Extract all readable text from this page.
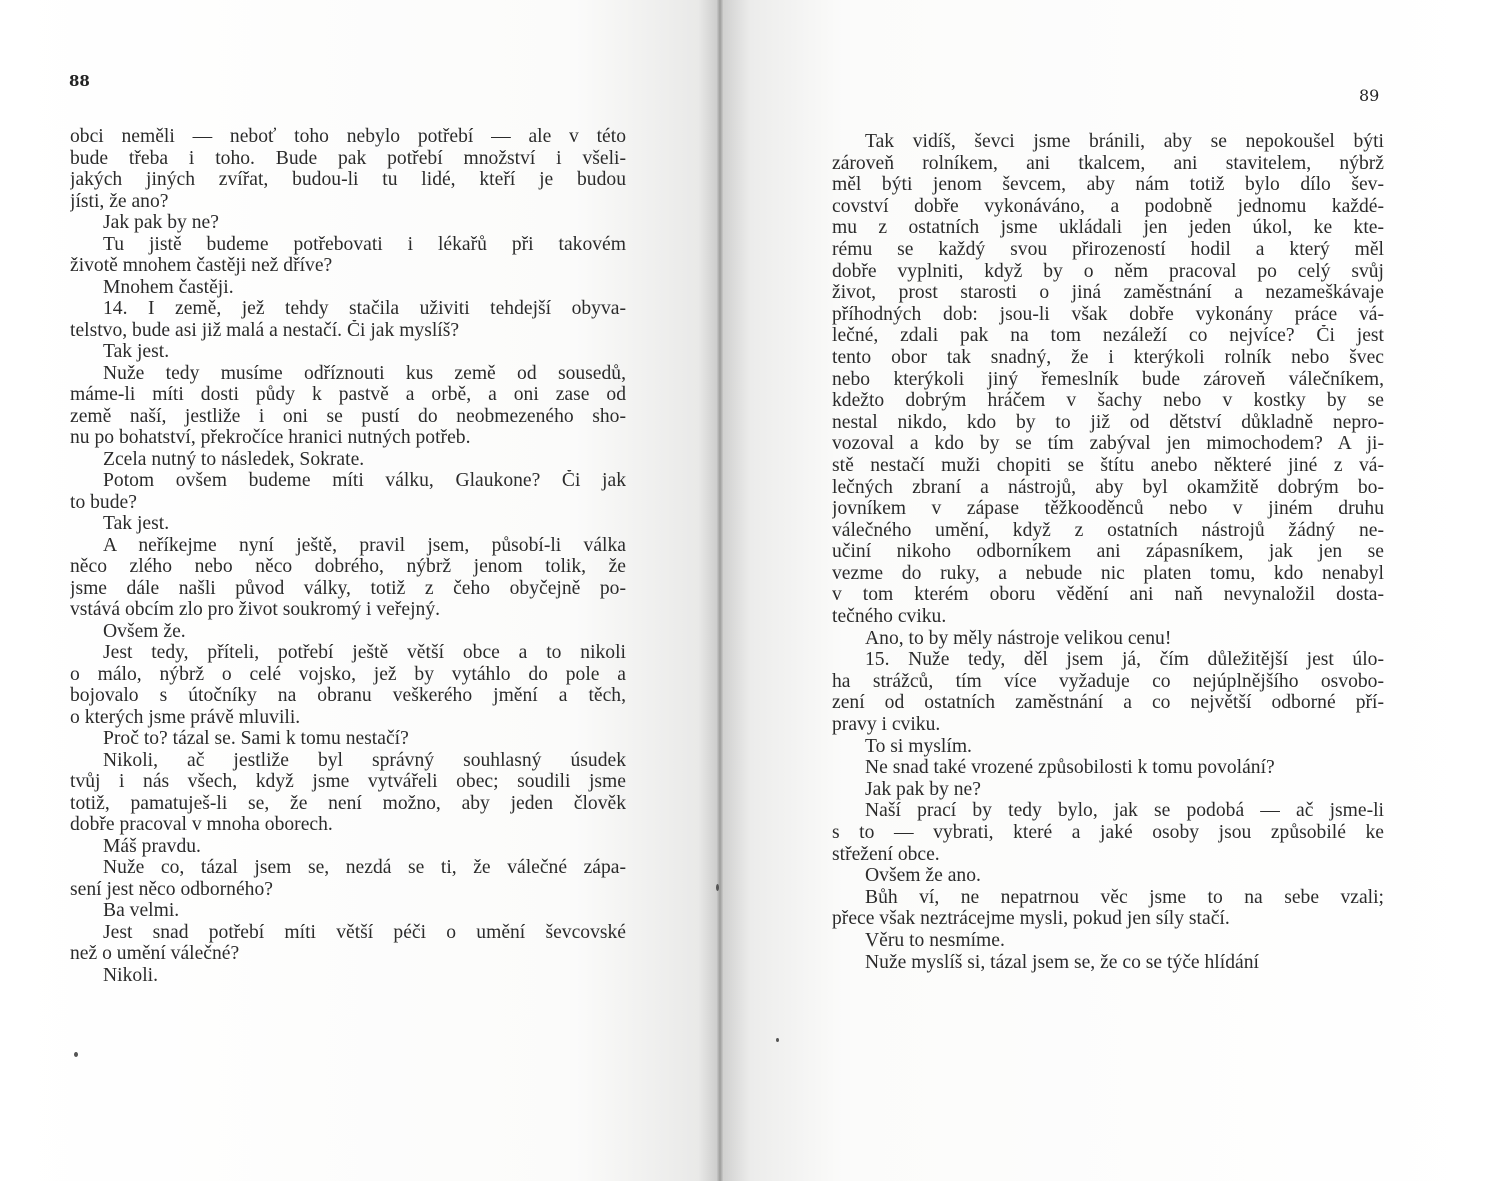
88
89
obci neměli — neboť toho nebylo potřebí — ale v této
bude třeba i toho. Bude pak potřebí množství i všeli-
jakých jiných zvířat, budou-li tu lidé, kteří je budou
jísti, že ano?
Jak pak by ne?
Tu jistě budeme potřebovati i lékařů při takovém
životě mnohem častěji než dříve?
Mnohem častěji.
14. I země, jež tehdy stačila uživiti tehdejší obyva-
telstvo, bude asi již malá a nestačí. Či jak myslíš?
Tak jest.
Nuže tedy musíme odříznouti kus země od sousedů,
máme-li míti dosti půdy k pastvě a orbě, a oni zase od
země naší, jestliže i oni se pustí do neobmezeného sho-
nu po bohatství, překročíce hranici nutných potřeb.
Zcela nutný to následek, Sokrate.
Potom ovšem budeme míti válku, Glaukone? Či jak
to bude?
Tak jest.
A neříkejme nyní ještě, pravil jsem, působí-li válka
něco zlého nebo něco dobrého, nýbrž jenom tolik, že
jsme dále našli původ války, totiž z čeho obyčejně po-
vstává obcím zlo pro život soukromý i veřejný.
Ovšem že.
Jest tedy, příteli, potřebí ještě větší obce a to nikoli
o málo, nýbrž o celé vojsko, jež by vytáhlo do pole a
bojovalo s útočníky na obranu veškerého jmění a těch,
o kterých jsme právě mluvili.
Proč to? tázal se. Sami k tomu nestačí?
Nikoli, ač jestliže byl správný souhlasný úsudek
tvůj i nás všech, když jsme vytvářeli obec; soudili jsme
totiž, pamatuješ-li se, že není možno, aby jeden člověk
dobře pracoval v mnoha oborech.
Máš pravdu.
Nuže co, tázal jsem se, nezdá se ti, že válečné zápa-
sení jest něco odborného?
Ba velmi.
Jest snad potřebí míti větší péči o umění ševcovské
než o umění válečné?
Nikoli.
Tak vidíš, ševci jsme bránili, aby se nepokoušel býti
zároveň rolníkem, ani tkalcem, ani stavitelem, nýbrž
měl býti jenom ševcem, aby nám totiž bylo dílo šev-
covství dobře vykonáváno, a podobně jednomu každé-
mu z ostatních jsme ukládali jen jeden úkol, ke kte-
rému se každý svou přirozeností hodil a který měl
dobře vyplniti, když by o něm pracoval po celý svůj
život, prost starosti o jiná zaměstnání a nezameškávaje
příhodných dob: jsou-li však dobře vykonány práce vá-
lečné, zdali pak na tom nezáleží co nejvíce? Či jest
tento obor tak snadný, že i kterýkoli rolník nebo švec
nebo kterýkoli jiný řemeslník bude zároveň válečníkem,
kdežto dobrým hráčem v šachy nebo v kostky by se
nestal nikdo, kdo by to již od dětství důkladně nepro-
vozoval a kdo by se tím zabýval jen mimochodem? A ji-
stě nestačí muži chopiti se štítu anebo některé jiné z vá-
lečných zbraní a nástrojů, aby byl okamžitě dobrým bo-
jovníkem v zápase těžkooděnců nebo v jiném druhu
válečného umění, když z ostatních nástrojů žádný ne-
učiní nikoho odborníkem ani zápasníkem, jak jen se
vezme do ruky, a nebude nic platen tomu, kdo nenabyl
v tom kterém oboru vědění ani naň nevynaložil dosta-
tečného cviku.
Ano, to by měly nástroje velikou cenu!
15. Nuže tedy, děl jsem já, čím důležitější jest úlo-
ha strážců, tím více vyžaduje co nejúplnějšího osvobo-
zení od ostatních zaměstnání a co největší odborné pří-
pravy i cviku.
To si myslím.
Ne snad také vrozené způsobilosti k tomu povolání?
Jak pak by ne?
Naší prací by tedy bylo, jak se podobá — ač jsme-li
s to — vybrati, které a jaké osoby jsou způsobilé ke
střežení obce.
Ovšem že ano.
Bůh ví, ne nepatrnou věc jsme to na sebe vzali;
přece však neztrácejme mysli, pokud jen síly stačí.
Věru to nesmíme.
Nuže myslíš si, tázal jsem se, že co se týče hlídání
